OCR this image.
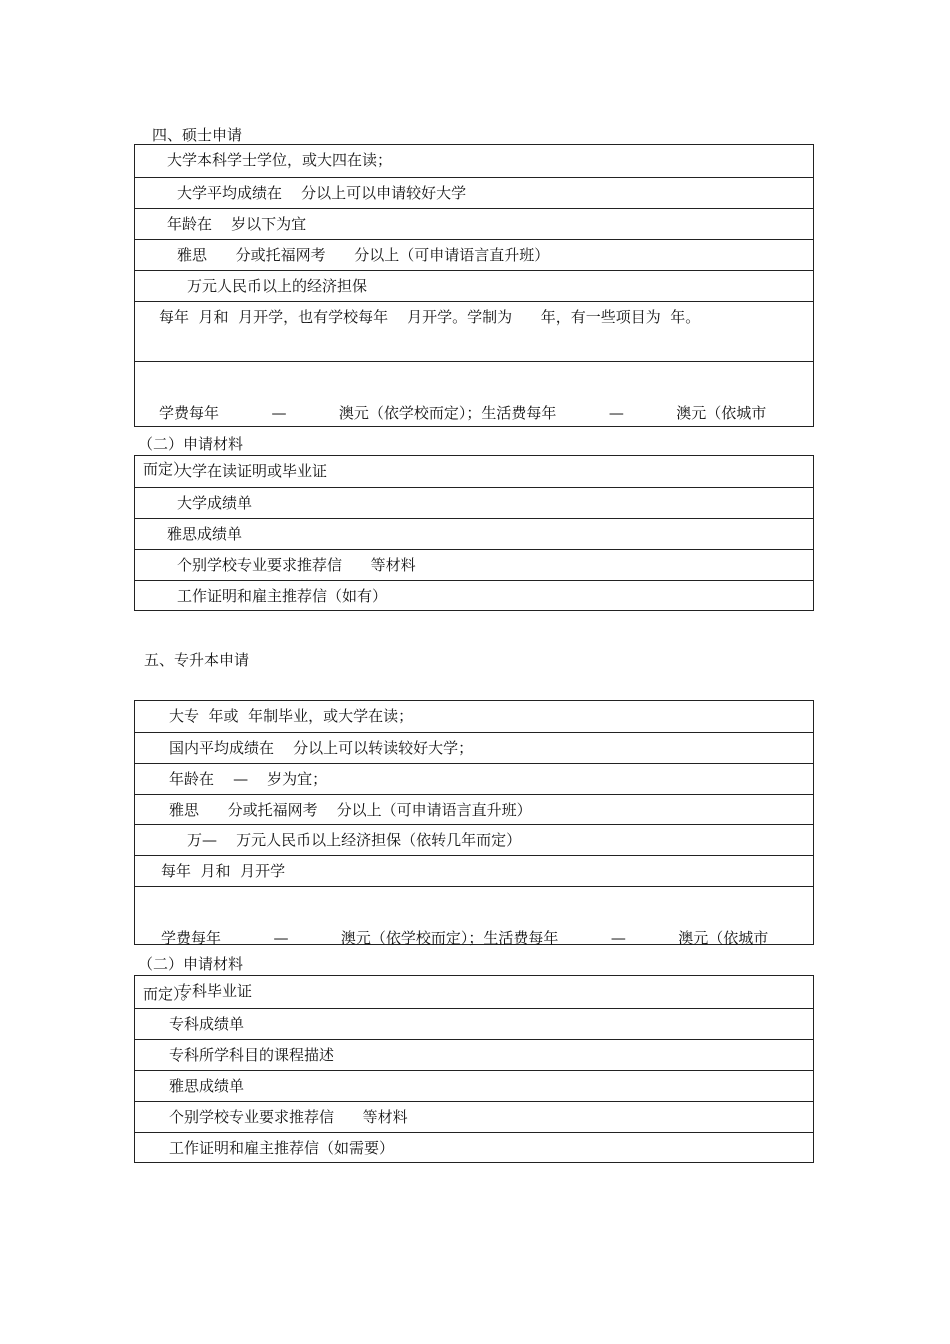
四、硕士申请
大学本科学士学位，或大四在读；
大学平均成绩在    分以上可以申请较好大学
年龄在    岁以下为宜
雅思      分或托福网考      分以上（可申请语言直升班）
万元人民币以上的经济担保
每年  月和  月开学，也有学校每年    月开学。学制为      年，有一些项目为  年。

学费每年           —           澳元（依学校而定）；生活费每年           —           澳元（依城市

而定）

（二）申请材料
大学在读证明或毕业证
大学成绩单
雅思成绩单
个别学校专业要求推荐信      等材料
工作证明和雇主推荐信（如有）
五、专升本申请
大专  年或  年制毕业，或大学在读；
国内平均成绩在    分以上可以转读较好大学；
年龄在    —    岁为宜；
雅思      分或托福网考    分以上（可申请语言直升班）
万—    万元人民币以上经济担保（依转几年而定）
每年  月和  月开学

学费每年           —           澳元（依学校而定）；生活费每年           —           澳元（依城市

而定）。

（二）申请材料
专科毕业证
专科成绩单
专科所学科目的课程描述
雅思成绩单
个别学校专业要求推荐信      等材料
工作证明和雇主推荐信（如需要）
